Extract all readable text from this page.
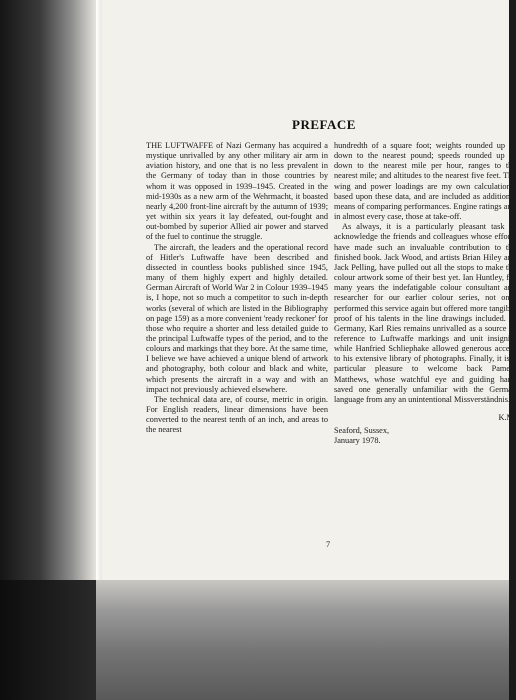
PREFACE

THE LUFTWAFFE of Nazi Germany has acquired a mystique unrivalled by any other military air arm in aviation history, and one that is no less prevalent in the Germany of today than in those countries by whom it was opposed in 1939–1945. Created in the mid-1930s as a new arm of the Wehrmacht, it boasted nearly 4,200 front-line aircraft by the autumn of 1939; yet within six years it lay defeated, out-fought and out-bombed by superior Allied air power and starved of the fuel to continue the struggle.

The aircraft, the leaders and the operational record of Hitler's Luftwaffe have been described and dissected in countless books published since 1945, many of them highly expert and highly detailed. German Aircraft of World War 2 in Colour 1939–1945 is, I hope, not so much a competitor to such in-depth works (several of which are listed in the Bibliography on page 159) as a more convenient 'ready reckoner' for those who require a shorter and less detailed guide to the principal Luftwaffe types of the period, and to the colours and markings that they bore. At the same time, I believe we have achieved a unique blend of artwork and photography, both colour and black and white, which presents the aircraft in a way and with an impact not previously achieved elsewhere.

The technical data are, of course, metric in origin. For English readers, linear dimensions have been converted to the nearest tenth of an inch, and areas to the nearest

hundredth of a square foot; weights rounded up or down to the nearest pound; speeds rounded up or down to the nearest mile per hour, ranges to the nearest mile; and altitudes to the nearest five feet. The wing and power loadings are my own calculations, based upon these data, and are included as additional means of comparing performances. Engine ratings are, in almost every case, those at take-off.

As always, it is a particularly pleasant task to acknowledge the friends and colleagues whose efforts have made such an invaluable contribution to the finished book. Jack Wood, and artists Brian Hiley and Jack Pelling, have pulled out all the stops to make the colour artwork some of their best yet. Ian Huntley, for many years the indefatigable colour consultant and researcher for our earlier colour series, not only performed this service again but offered more tangible proof of his talents in the line drawings included. In Germany, Karl Ries remains unrivalled as a source of reference to Luftwaffe markings and unit insignia, while Hanfried Schliephake allowed generous access to his extensive library of photographs. Finally, it is a particular pleasure to welcome back Pamela Matthews, whose watchful eye and guiding hand saved one generally unfamiliar with the German language from any an unintentional Missverständnis.

K.M.
Seaford, Sussex,
January 1978.
7
